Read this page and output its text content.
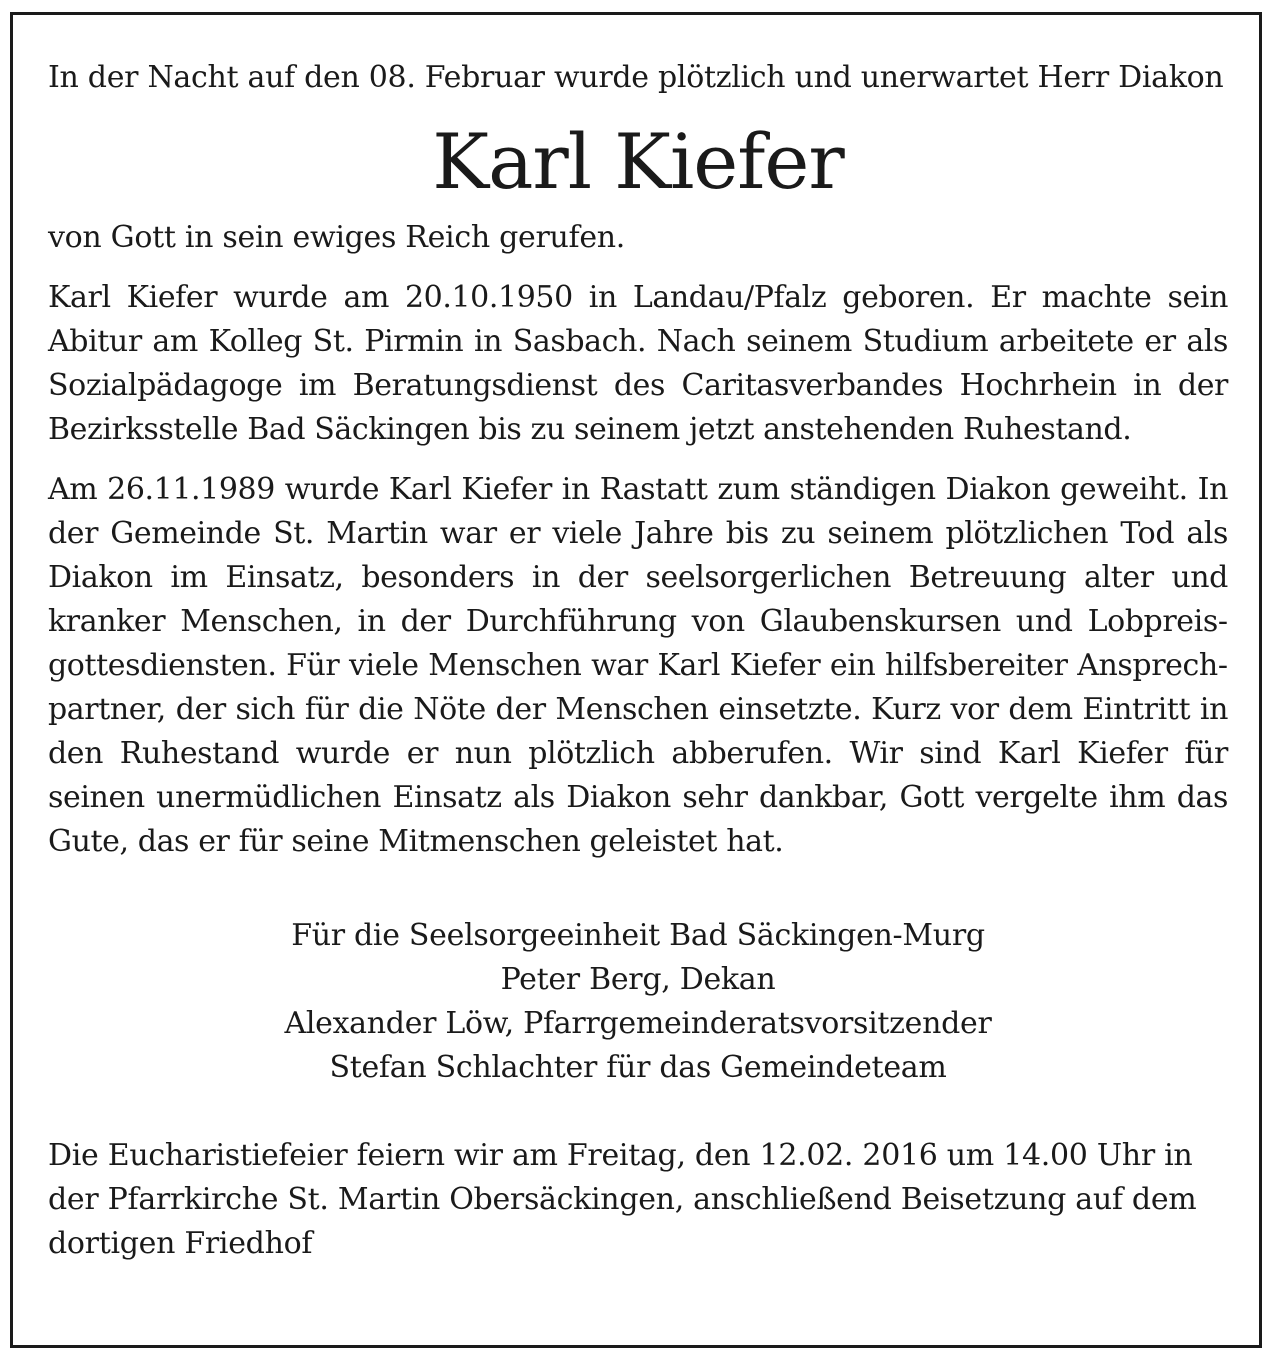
In der Nacht auf den 08. Februar wurde plötzlich und unerwartet Herr Diakon

Karl Kiefer

von Gott in sein ewiges Reich gerufen.

Karl Kiefer wurde am 20.10.1950 in Landau/Pfalz geboren. Er machte sein Abitur am Kolleg St. Pirmin in Sasbach. Nach seinem Studium arbeitete er als Sozialpädagoge im Beratungsdienst des Caritasverbandes Hochrhein in der Bezirksstelle Bad Säckingen bis zu seinem jetzt anstehenden Ruhestand.

Am 26.11.1989 wurde Karl Kiefer in Rastatt zum ständigen Diakon geweiht. In der Gemeinde St. Martin war er viele Jahre bis zu seinem plötzlichen Tod als Diakon im Einsatz, besonders in der seelsorgerlichen Betreuung alter und kranker Menschen, in der Durchführung von Glaubenskursen und Lobpreisgottesdiensten. Für viele Menschen war Karl Kiefer ein hilfsbereiter Ansprechpartner, der sich für die Nöte der Menschen einsetzte. Kurz vor dem Eintritt in den Ruhestand wurde er nun plötzlich abberufen. Wir sind Karl Kiefer für seinen unermüdlichen Einsatz als Diakon sehr dankbar, Gott vergelte ihm das Gute, das er für seine Mitmenschen geleistet hat.

Für die Seelsorgeeinheit Bad Säckingen-Murg
Peter Berg, Dekan
Alexander Löw, Pfarrgemeinderatsvorsitzender
Stefan Schlachter für das Gemeindeteam

Die Eucharistiefeier feiern wir am Freitag, den 12.02. 2016 um 14.00 Uhr in der Pfarrkirche St. Martin Obersäckingen, anschließend Beisetzung auf dem dortigen Friedhof
